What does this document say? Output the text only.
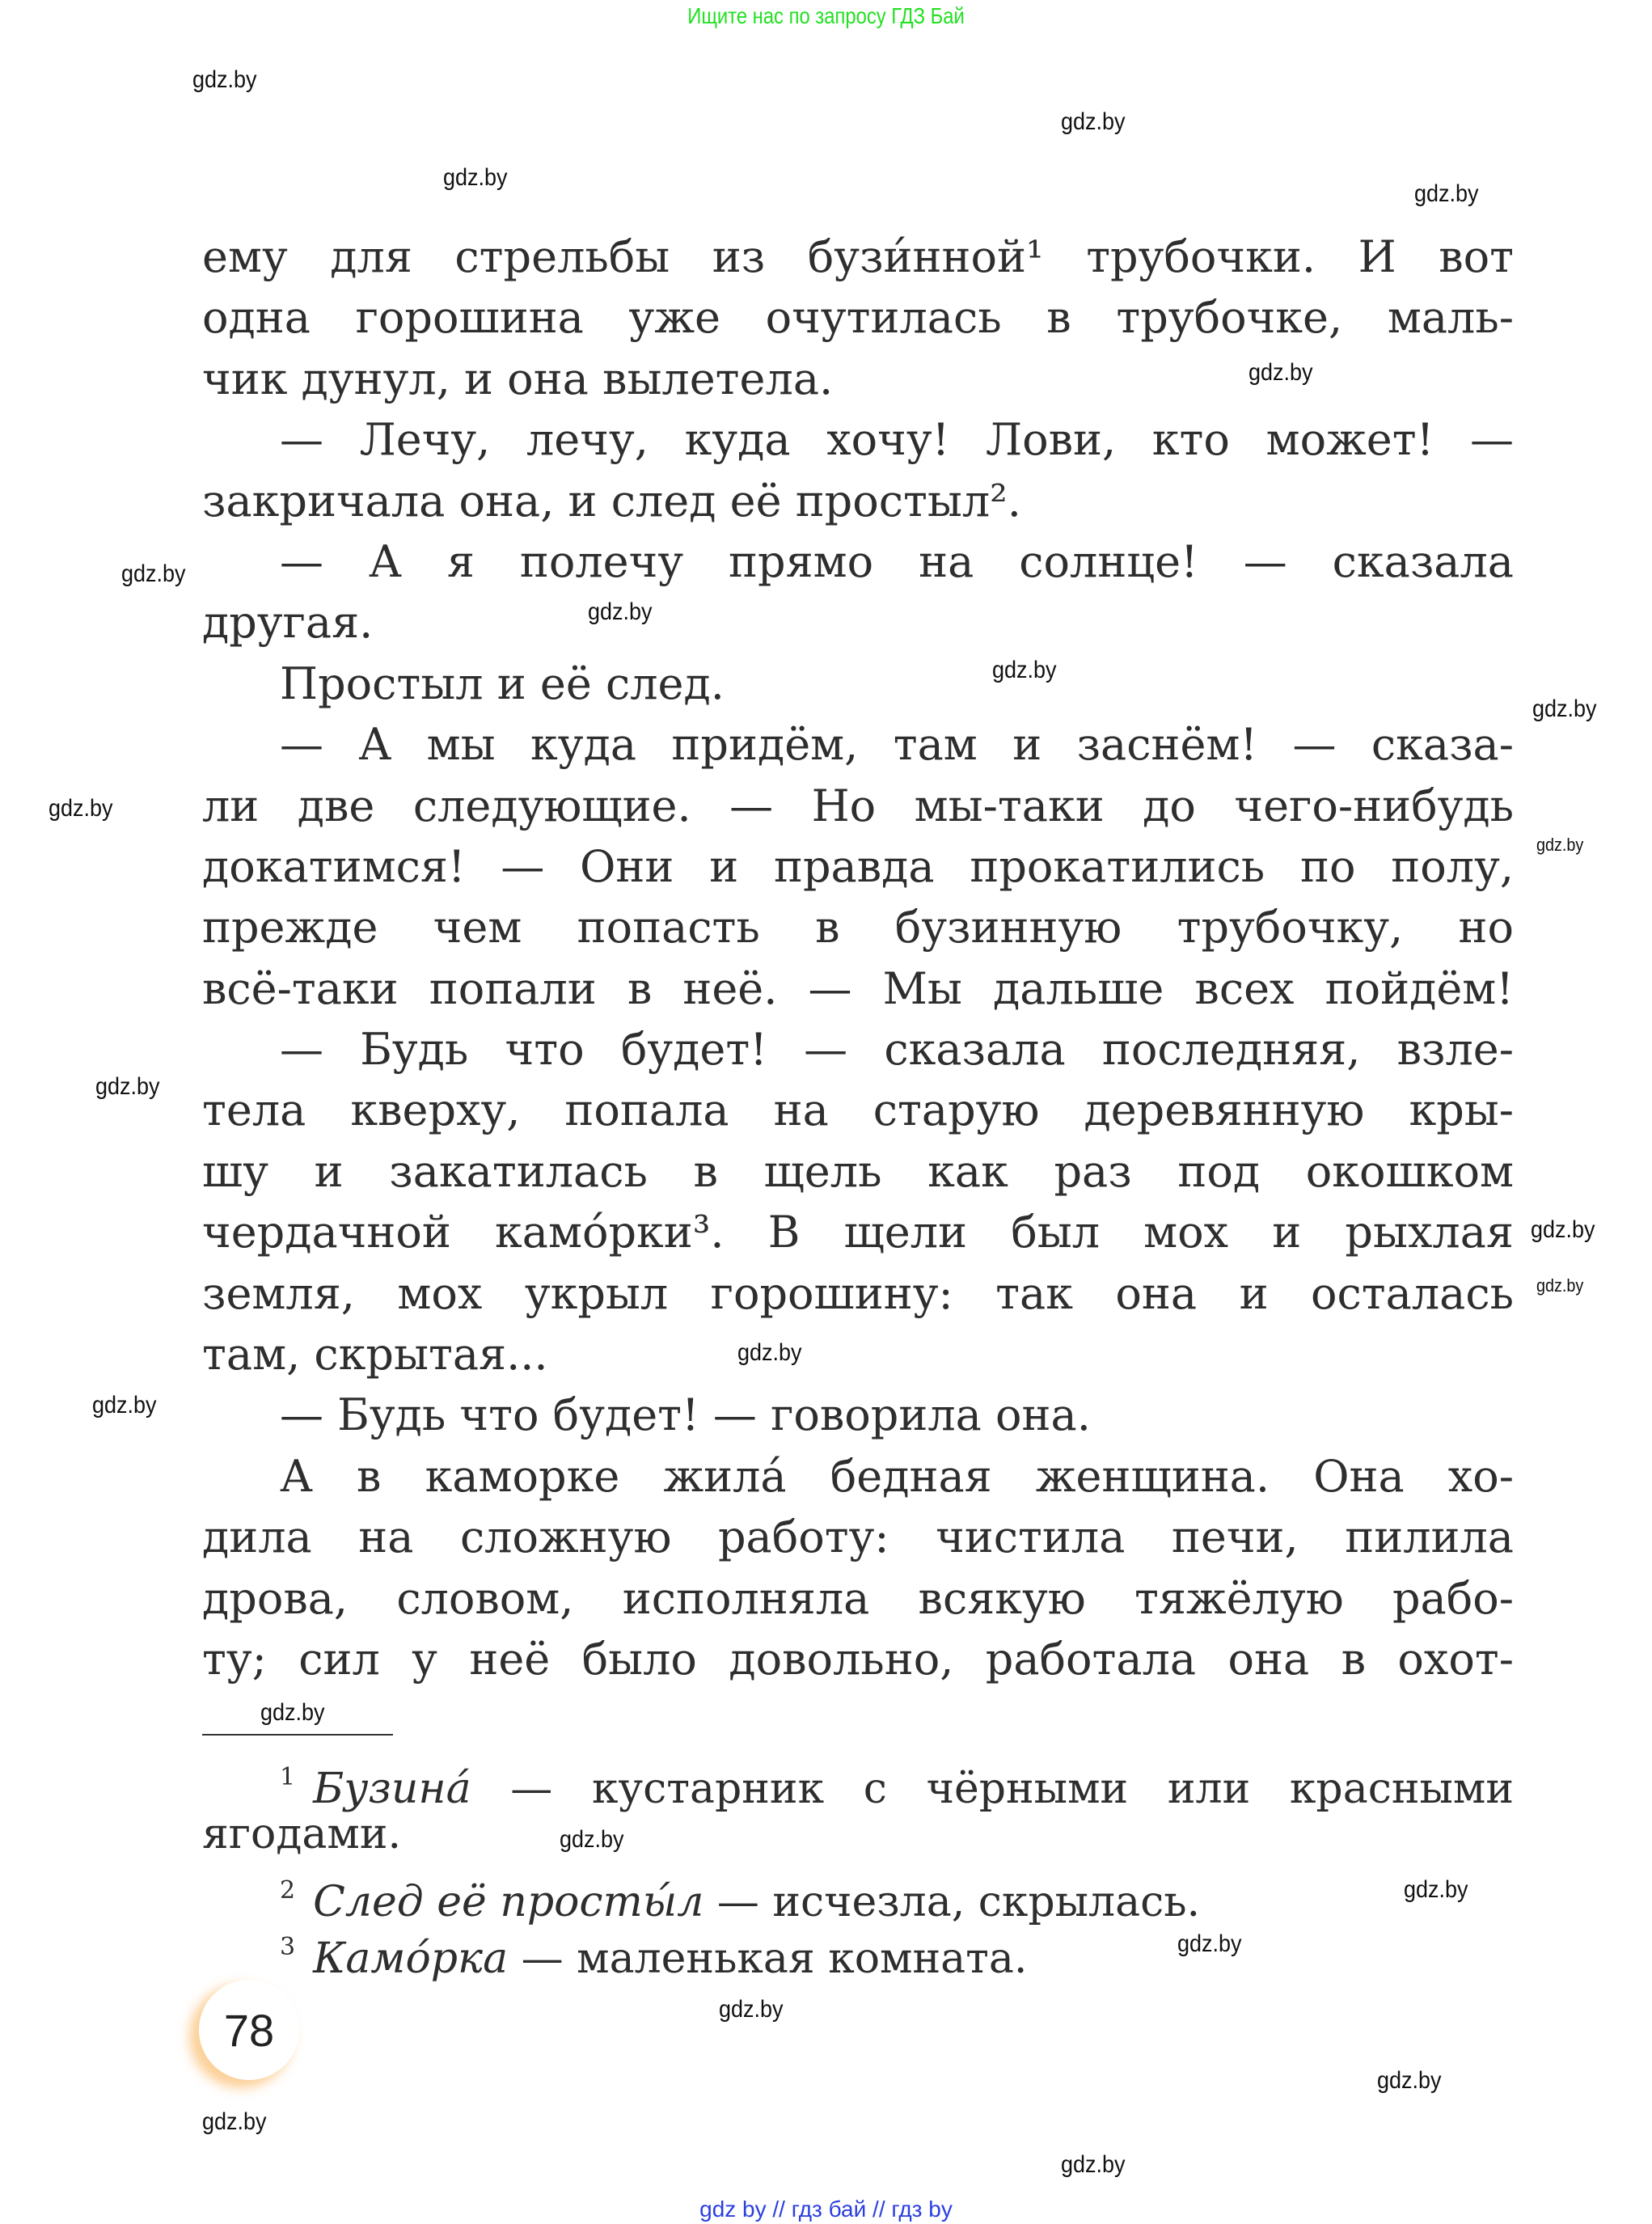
Ищите нас по запросу ГДЗ Бай
ему для стрельбы из бузи́нной¹ трубочки. И вот
одна горошина уже очутилась в трубочке, маль-
чик дунул, и она вылетела.
— Лечу, лечу, куда хочу! Лови, кто может! —
закричала она, и след её простыл².
— А я полечу прямо на солнце! — сказала
другая.
Простыл и её след.
— А мы куда придём, там и заснём! — сказа-
ли две следующие. — Но мы-таки до чего-нибудь
докатимся! — Они и правда прокатились по полу,
прежде чем попасть в бузинную трубочку, но
всё-таки попали в неё. — Мы дальше всех пойдём!
— Будь что будет! — сказала последняя, взле-
тела кверху, попала на старую деревянную кры-
шу и закатилась в щель как раз под окошком
чердачной камо́рки³. В щели был мох и рыхлая
земля, мох укрыл горошину: так она и осталась
там, скрытая...
— Будь что будет! — говорила она.
А в каморке жила́ бедная женщина. Она хо-
дила на сложную работу: чистила печи, пилила
дрова, словом, исполняла всякую тяжёлую рабо-
ту; сил у неё было довольно, работала она в охот-
$^1$ Бузина́ — кустарник с чёрными или красными
ягодами.
$^2$ След её просты́л — исчезла, скрылась.
$^3$ Камо́рка — маленькая комната.
78
gdz.by
gdz.by
gdz.by
gdz.by
gdz.by
gdz.by
gdz.by
gdz.by
gdz.by
gdz.by
gdz.by
gdz.by
gdz.by
gdz.by
gdz.by
gdz.by
gdz.by
gdz.by
gdz.by
gdz.by
gdz.by
gdz.by
gdz.by
gdz.by
gdz by // гдз бай // гдз by
